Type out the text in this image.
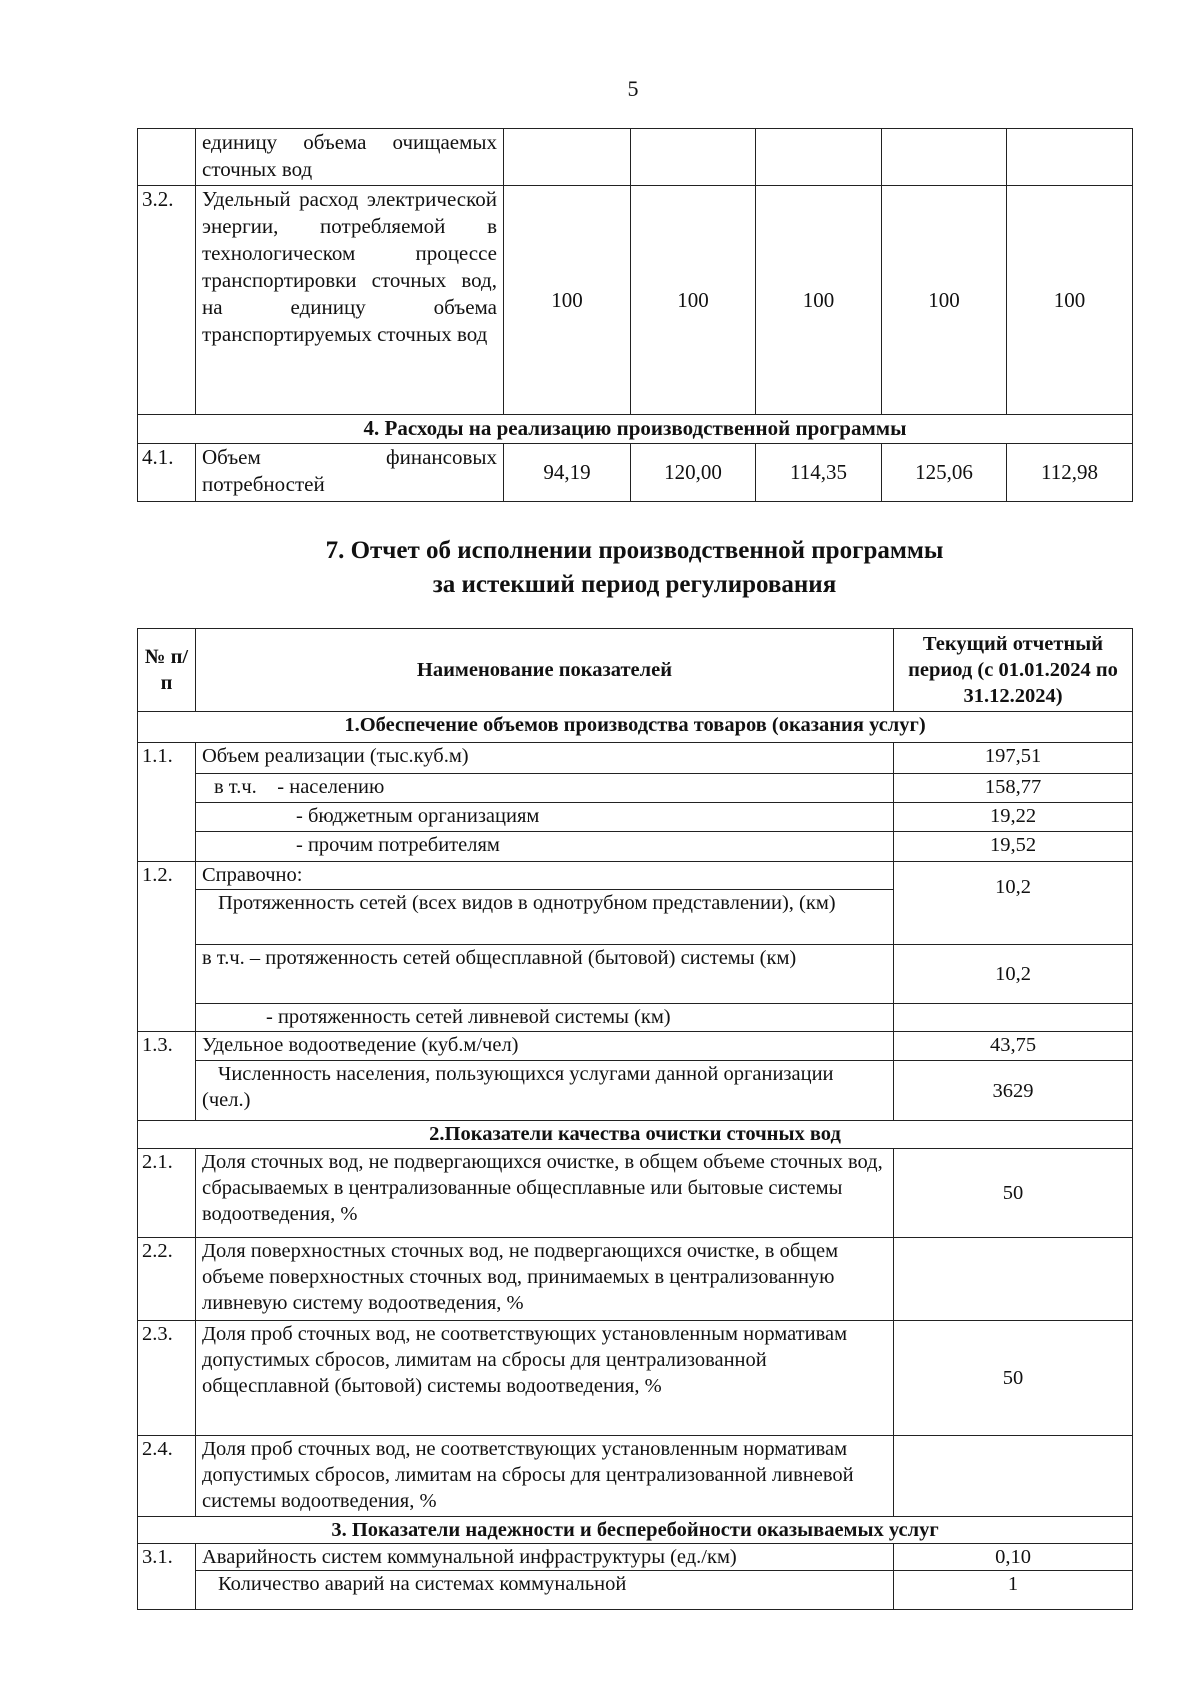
5
	единицу объема очищаемых сточных вод					
3.2.	Удельный расход электрической энергии, потребляемой в технологическом процессе транспортировки сточных вод, на единицу объема транспортируемых сточных вод	100	100	100	100	100
4. Расходы на реализацию производственной программы						
4.1.	Объем финансовых потребностей	94,19	120,00	114,35	125,06	112,98
7. Отчет об исполнении производственной программы
за истекший период регулирования
№ п/п	Наименование показателей	Текущий отчетный период (с 01.01.2024 по 31.12.2024)
1.Обеспечение объемов производства товаров (оказания услуг)		
1.1.	Объем реализации (тыс.куб.м)	197,51
	в т.ч.    - населению	158,77
	- бюджетным организациям	19,22
	- прочим потребителям	19,52
1.2.	Справочно:	10,2
	Протяженность сетей (всех видов в однотрубном представлении), (км)	
	в т.ч. – протяженность сетей общесплавной (бытовой) системы (км)	10,2
	- протяженность сетей ливневой системы (км)	
1.3.	Удельное водоотведение (куб.м/чел)	43,75
	Численность населения, пользующихся услугами данной организации (чел.)	3629
2.Показатели качества очистки сточных вод		
2.1.	Доля сточных вод, не подвергающихся очистке, в общем объеме сточных вод, сбрасываемых в централизованные общесплавные или бытовые системы водоотведения, %	50
2.2.	Доля поверхностных сточных вод, не подвергающихся очистке, в общем объеме поверхностных сточных вод, принимаемых в централизованную ливневую систему водоотведения, %	
2.3.	Доля проб сточных вод, не соответствующих установленным нормативам допустимых сбросов, лимитам на сбросы для централизованной общесплавной (бытовой) системы водоотведения, %	50
2.4.	Доля проб сточных вод, не соответствующих установленным нормативам допустимых сбросов, лимитам на сбросы для централизованной ливневой системы водоотведения, %	
3. Показатели надежности и бесперебойности оказываемых услуг		
3.1.	Аварийность систем коммунальной инфраструктуры (ед./км)	0,10
	Количество аварий на системах коммунальной	1
